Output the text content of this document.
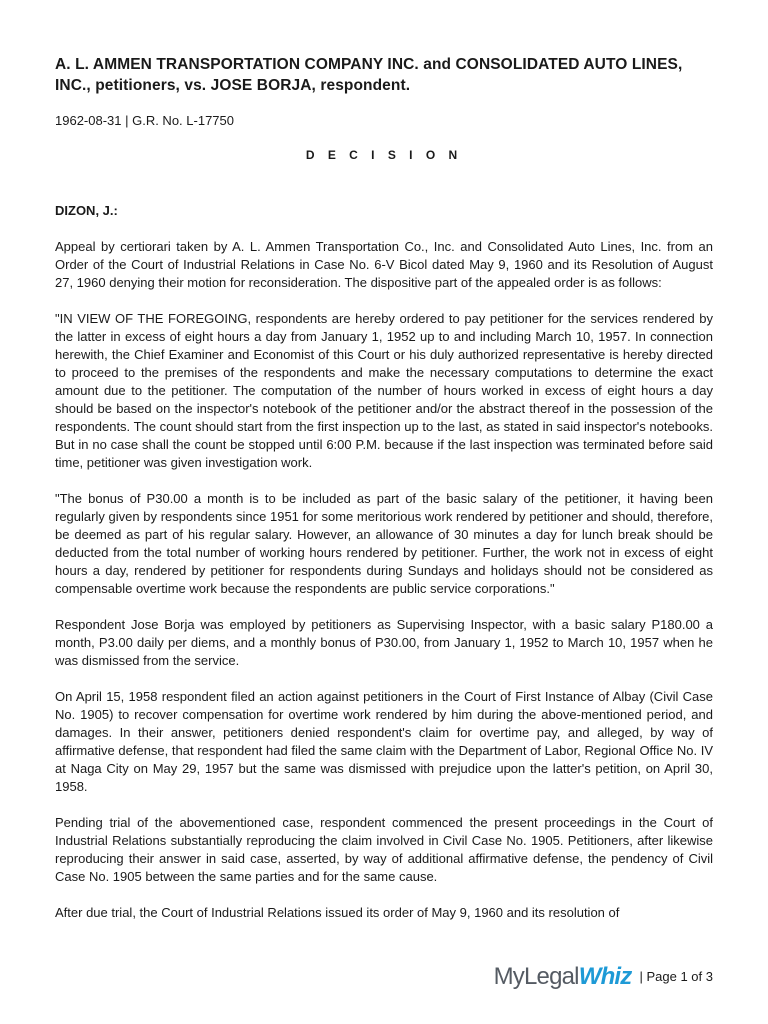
A. L. AMMEN TRANSPORTATION COMPANY INC. and CONSOLIDATED AUTO LINES, INC., petitioners, vs. JOSE BORJA, respondent.
1962-08-31 | G.R. No. L-17750
D E C I S I O N
DIZON, J.:

Appeal by certiorari taken by A. L. Ammen Transportation Co., Inc. and Consolidated Auto Lines, Inc. from an Order of the Court of Industrial Relations in Case No. 6-V Bicol dated May 9, 1960 and its Resolution of August 27, 1960 denying their motion for reconsideration. The dispositive part of the appealed order is as follows:

"IN VIEW OF THE FOREGOING, respondents are hereby ordered to pay petitioner for the services rendered by the latter in excess of eight hours a day from January 1, 1952 up to and including March 10, 1957. In connection herewith, the Chief Examiner and Economist of this Court or his duly authorized representative is hereby directed to proceed to the premises of the respondents and make the necessary computations to determine the exact amount due to the petitioner. The computation of the number of hours worked in excess of eight hours a day should be based on the inspector's notebook of the petitioner and/or the abstract thereof in the possession of the respondents. The count should start from the first inspection up to the last, as stated in said inspector's notebooks. But in no case shall the count be stopped until 6:00 P.M. because if the last inspection was terminated before said time, petitioner was given investigation work.

"The bonus of P30.00 a month is to be included as part of the basic salary of the petitioner, it having been regularly given by respondents since 1951 for some meritorious work rendered by petitioner and should, therefore, be deemed as part of his regular salary. However, an allowance of 30 minutes a day for lunch break should be deducted from the total number of working hours rendered by petitioner. Further, the work not in excess of eight hours a day, rendered by petitioner for respondents during Sundays and holidays should not be considered as compensable overtime work because the respondents are public service corporations."

Respondent Jose Borja was employed by petitioners as Supervising Inspector, with a basic salary P180.00 a month, P3.00 daily per diems, and a monthly bonus of P30.00, from January 1, 1952 to March 10, 1957 when he was dismissed from the service.

On April 15, 1958 respondent filed an action against petitioners in the Court of First Instance of Albay (Civil Case No. 1905) to recover compensation for overtime work rendered by him during the above-mentioned period, and damages. In their answer, petitioners denied respondent's claim for overtime pay, and alleged, by way of affirmative defense, that respondent had filed the same claim with the Department of Labor, Regional Office No. IV at Naga City on May 29, 1957 but the same was dismissed with prejudice upon the latter's petition, on April 30, 1958.

Pending trial of the abovementioned case, respondent commenced the present proceedings in the Court of Industrial Relations substantially reproducing the claim involved in Civil Case No. 1905. Petitioners, after likewise reproducing their answer in said case, asserted, by way of additional affirmative defense, the pendency of Civil Case No. 1905 between the same parties and for the same cause.

After due trial, the Court of Industrial Relations issued its order of May 9, 1960 and its resolution of

MyLegal Whiz | Page 1 of 3
